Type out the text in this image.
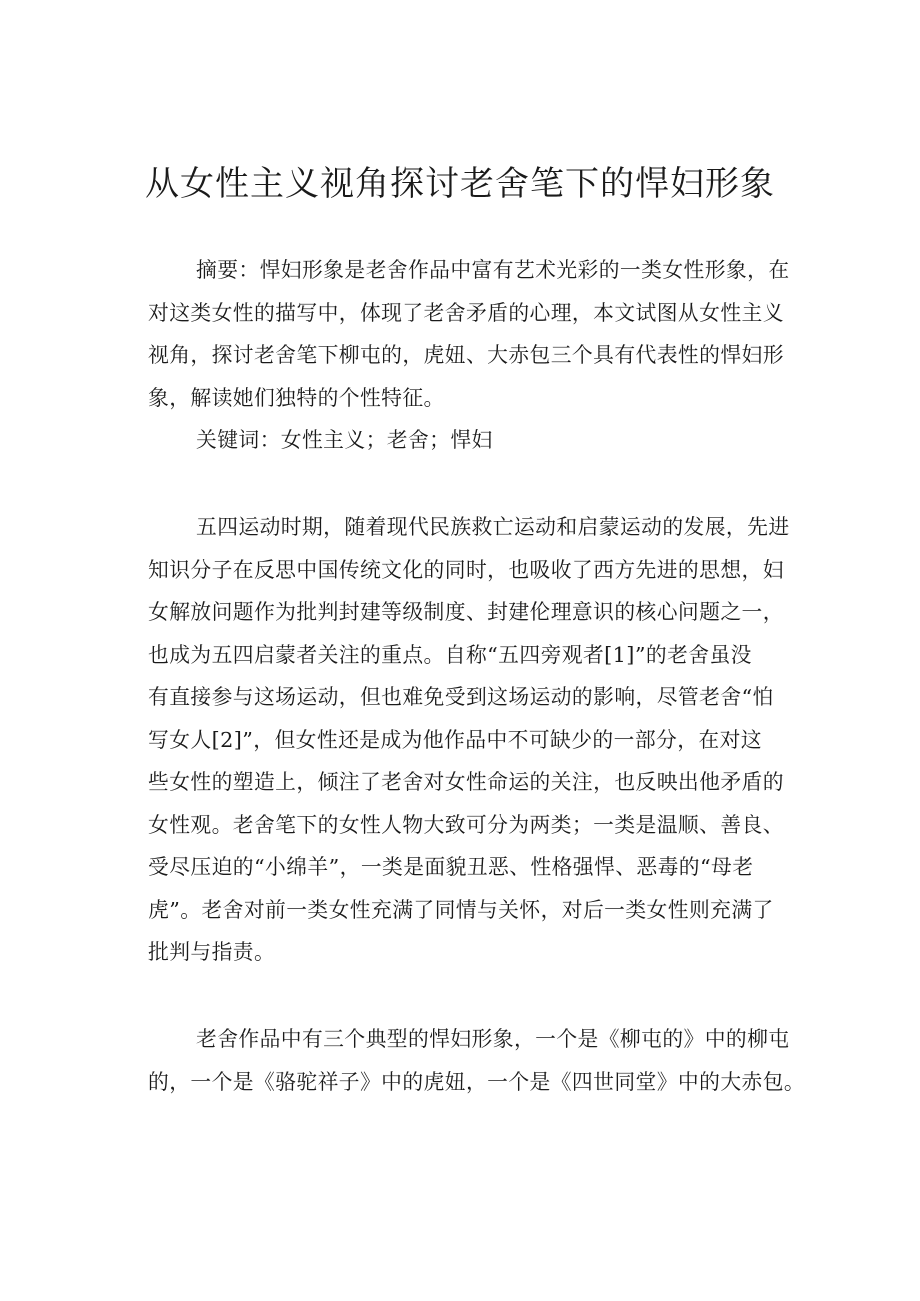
从女性主义视角探讨老舍笔下的悍妇形象
摘要：悍妇形象是老舍作品中富有艺术光彩的一类女性形象，在
对这类女性的描写中，体现了老舍矛盾的心理，本文试图从女性主义
视角，探讨老舍笔下柳屯的，虎妞、大赤包三个具有代表性的悍妇形
象，解读她们独特的个性特征。
关键词：女性主义；老舍；悍妇
五四运动时期，随着现代民族救亡运动和启蒙运动的发展，先进
知识分子在反思中国传统文化的同时，也吸收了西方先进的思想，妇
女解放问题作为批判封建等级制度、封建伦理意识的核心问题之一，
也成为五四启蒙者关注的重点。自称“五四旁观者[1]”的老舍虽没
有直接参与这场运动，但也难免受到这场运动的影响，尽管老舍“怕
写女人[2]”，但女性还是成为他作品中不可缺少的一部分，在对这
些女性的塑造上，倾注了老舍对女性命运的关注，也反映出他矛盾的
女性观。老舍笔下的女性人物大致可分为两类；一类是温顺、善良、
受尽压迫的“小绵羊”，一类是面貌丑恶、性格强悍、恶毒的“母老
虎”。老舍对前一类女性充满了同情与关怀，对后一类女性则充满了
批判与指责。
老舍作品中有三个典型的悍妇形象，一个是《柳屯的》中的柳屯
的，一个是《骆驼祥子》中的虎妞，一个是《四世同堂》中的大赤包。
